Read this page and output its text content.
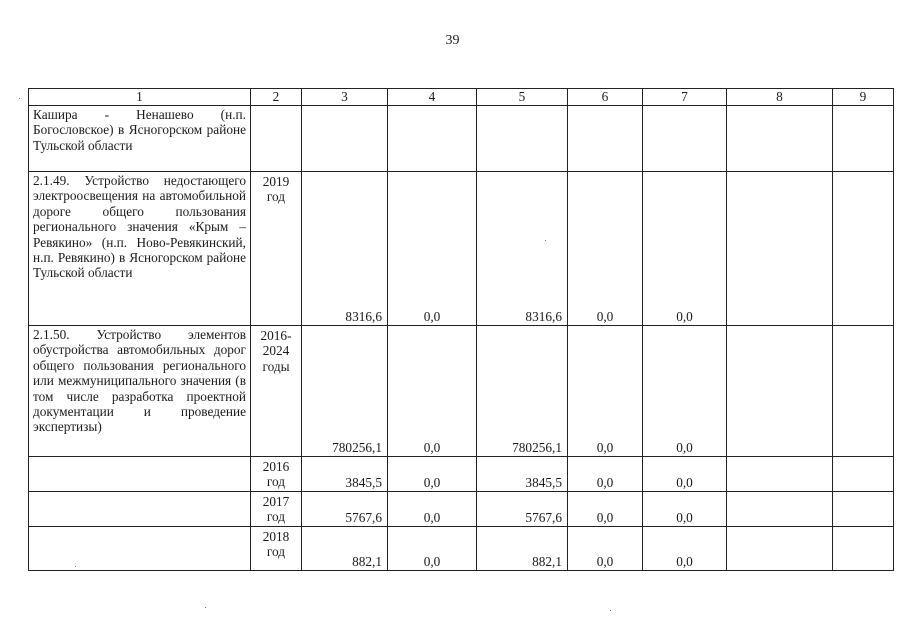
39
1	2	3	4	5	6	7	8	9
Кашира - Ненашево (н.п. Богословское) в Ясногорском районе Тульской области								
2.1.49. Устройство недостающего электроосвещения на автомобильной дороге общего пользования регионального значения «Крым – Ревякино» (н.п. Ново-Ревякинский, н.п. Ревякино) в Ясногорском районе Тульской области	2019 год	8316,6	0,0	8316,6	0,0	0,0		
2.1.50. Устройство элементов обустройства автомобильных дорог общего пользования регионального или межмуниципального значения (в том числе разработка проектной документации и проведение экспертизы)	2016-2024 годы	780256,1	0,0	780256,1	0,0	0,0		
	2016 год	3845,5	0,0	3845,5	0,0	0,0		
	2017 год	5767,6	0,0	5767,6	0,0	0,0		
	2018 год	882,1	0,0	882,1	0,0	0,0		
